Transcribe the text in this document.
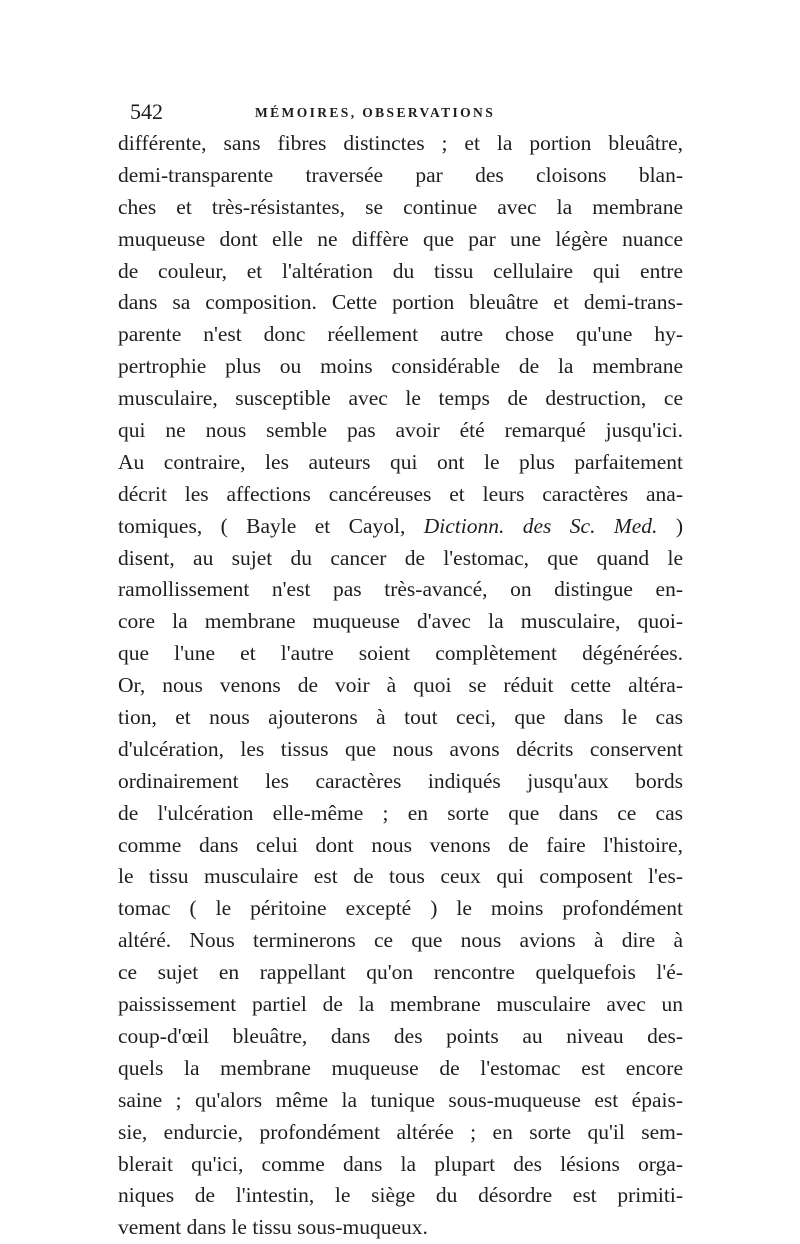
542	MÉMOIRES, OBSERVATIONS
différente, sans fibres distinctes ; et la portion bleuâtre,
demi-transparente traversée par des cloisons blan-
ches et très-résistantes, se continue avec la membrane
muqueuse dont elle ne diffère que par une légère nuance
de couleur, et l'altération du tissu cellulaire qui entre
dans sa composition. Cette portion bleuâtre et demi-trans-
parente n'est donc réellement autre chose qu'une hy-
pertrophie plus ou moins considérable de la membrane
musculaire, susceptible avec le temps de destruction, ce
qui ne nous semble pas avoir été remarqué jusqu'ici.
Au contraire, les auteurs qui ont le plus parfaitement
décrit les affections cancéreuses et leurs caractères ana-
tomiques, ( Bayle et Cayol, Dictionn. des Sc. Med. )
disent, au sujet du cancer de l'estomac, que quand le
ramollissement n'est pas très-avancé, on distingue en-
core la membrane muqueuse d'avec la musculaire, quoi-
que l'une et l'autre soient complètement dégénérées.
Or, nous venons de voir à quoi se réduit cette altéra-
tion, et nous ajouterons à tout ceci, que dans le cas
d'ulcération, les tissus que nous avons décrits conservent
ordinairement les caractères indiqués jusqu'aux bords
de l'ulcération elle-même ; en sorte que dans ce cas
comme dans celui dont nous venons de faire l'histoire,
le tissu musculaire est de tous ceux qui composent l'es-
tomac ( le péritoine excepté ) le moins profondément
altéré. Nous terminerons ce que nous avions à dire à
ce sujet en rappellant qu'on rencontre quelquefois l'é-
paississement partiel de la membrane musculaire avec un
coup-d'œil bleuâtre, dans des points au niveau des-
quels la membrane muqueuse de l'estomac est encore
saine ; qu'alors même la tunique sous-muqueuse est épais-
sie, endurcie, profondément altérée ; en sorte qu'il sem-
blerait qu'ici, comme dans la plupart des lésions orga-
niques de l'intestin, le siège du désordre est primiti-
vement dans le tissu sous-muqueux.
